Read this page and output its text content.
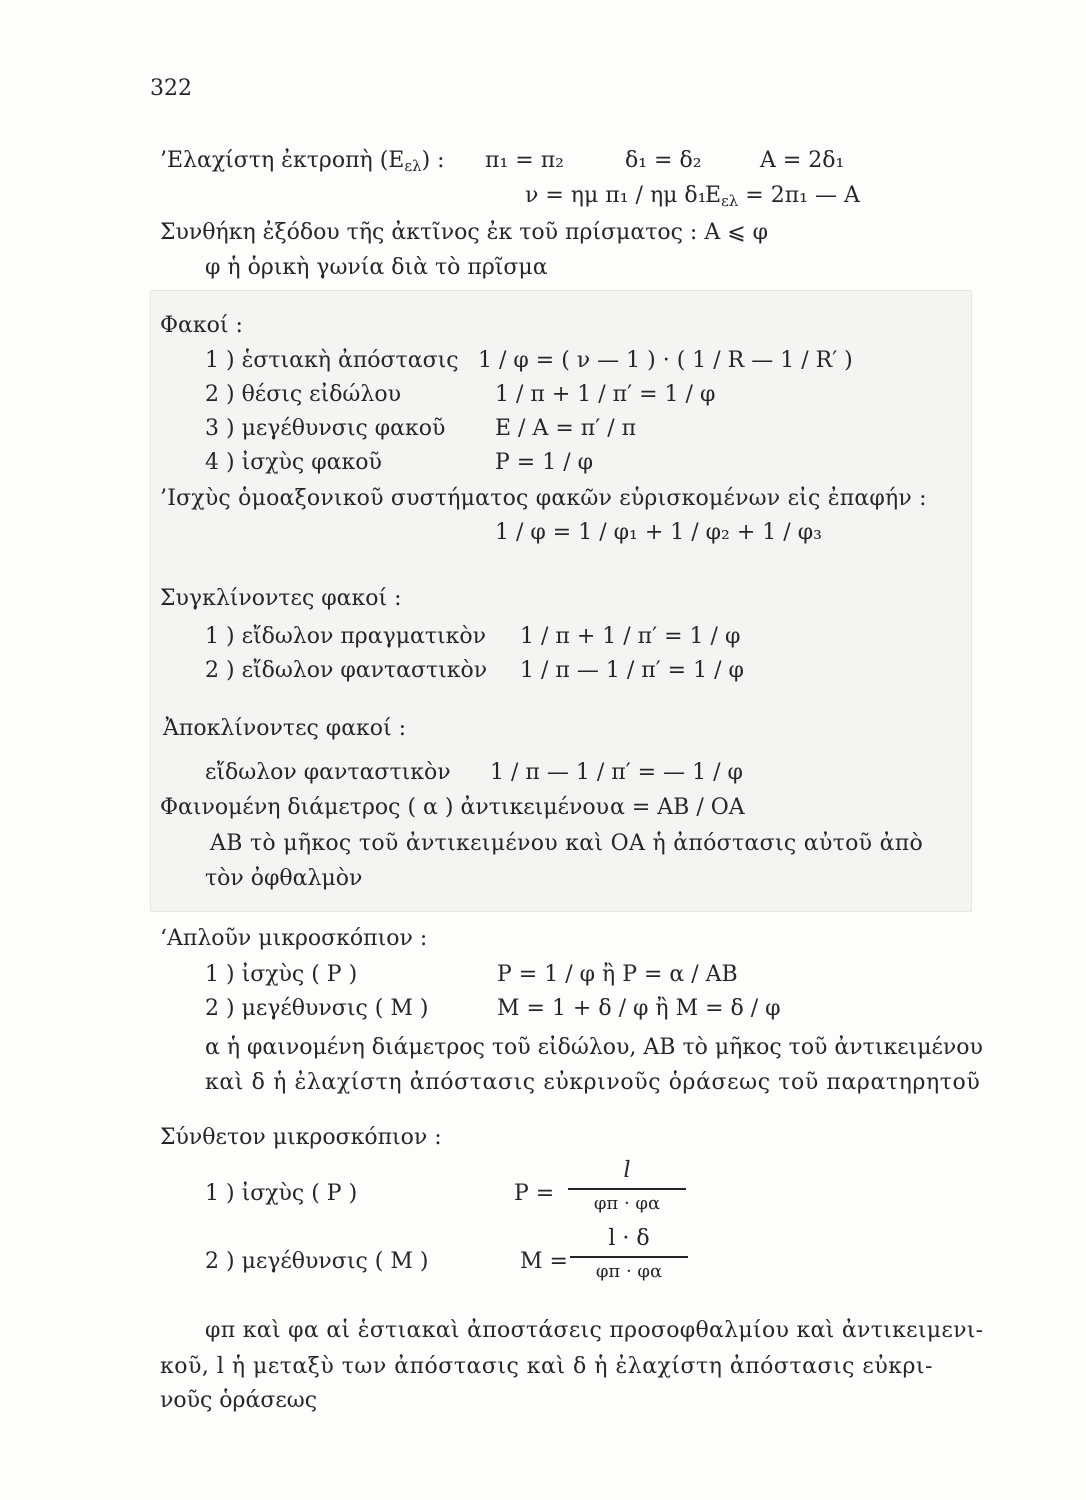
322
’Ελαχίστη ἐκτροπὴ $(E_{\varepsilon\lambda})$ : π₁ = π₂	δ₁ = δ₂	Α = 2δ₁
ν = ημ π₁ / ημ δ₁
$E_{\varepsilon\lambda} = 2\pi_1$ — Α
Συνθήκη ἐξόδου τῆς ἀκτῖνος ἐκ τοῦ πρίσματος : Α ⩽ φ
φ ἡ ὁρικὴ γωνία διὰ τὸ πρῖσμα
Φακοί :
1 ) ἑστιακὴ ἀπόστασις 1 / φ = ( ν — 1 ) · ( 1 / R — 1 / R′ )
2 ) θέσις εἰδώλου	1 / π + 1 / π′ = 1 / φ
3 ) μεγέθυνσις φακοῦ Ε / Α = π′ / π
4 ) ἰσχὺς φακοῦ	Ρ = 1 / φ
’Ισχὺς ὁμοαξονικοῦ συστήματος φακῶν εὑρισκομένων εἰς ἐπαφήν :
1 / φ = 1 / φ₁ + 1 / φ₂ + 1 / φ₃
Συγκλίνοντες φακοί :
1 ) εἴδωλον πραγματικὸν 1 / π + 1 / π′ = 1 / φ
2 ) εἴδωλον φανταστικὸν 1 / π — 1 / π′ = 1 / φ
Ἀποκλίνοντες φακοί :
εἴδωλον φανταστικὸν 1 / π — 1 / π′ = — 1 / φ
Φαινομένη διάμετρος ( α ) ἀντικειμένου α = ΑΒ / ΟΑ
ΑΒ τὸ μῆκος τοῦ ἀντικειμένου καὶ ΟΑ ἡ ἀπόστασις αὐτοῦ ἀπὸ
τὸν ὀφθαλμὸν
‘Απλοῦν μικροσκόπιον :
1 ) ἰσχὺς ( Ρ )	Ρ = 1 / φ ἢ Ρ = α / ΑΒ
2 ) μεγέθυνσις ( Μ )	Μ = 1 + δ / φ ἢ Μ = δ / φ
α ἡ φαινομένη διάμετρος τοῦ εἰδώλου, ΑΒ τὸ μῆκος τοῦ ἀντικειμένου
καὶ δ ἡ ἐλαχίστη ἀπόστασις εὐκρινοῦς ὁράσεως τοῦ παρατηρητοῦ
Σύνθετον μικροσκόπιον :
1 ) ἰσχὺς ( Ρ )	Ρ =
l
φπ · φα
2 ) μεγέθυνσις ( Μ )	Μ =
l · δ
φπ · φα
φπ καὶ φα αἱ ἑστιακαὶ ἀποστάσεις προσοφθαλμίου καὶ ἀντικειμενι-
κοῦ, l ἡ μεταξὺ των ἀπόστασις καὶ δ ἡ ἐλαχίστη ἀπόστασις εὐκρι-
νοῦς ὁράσεως
